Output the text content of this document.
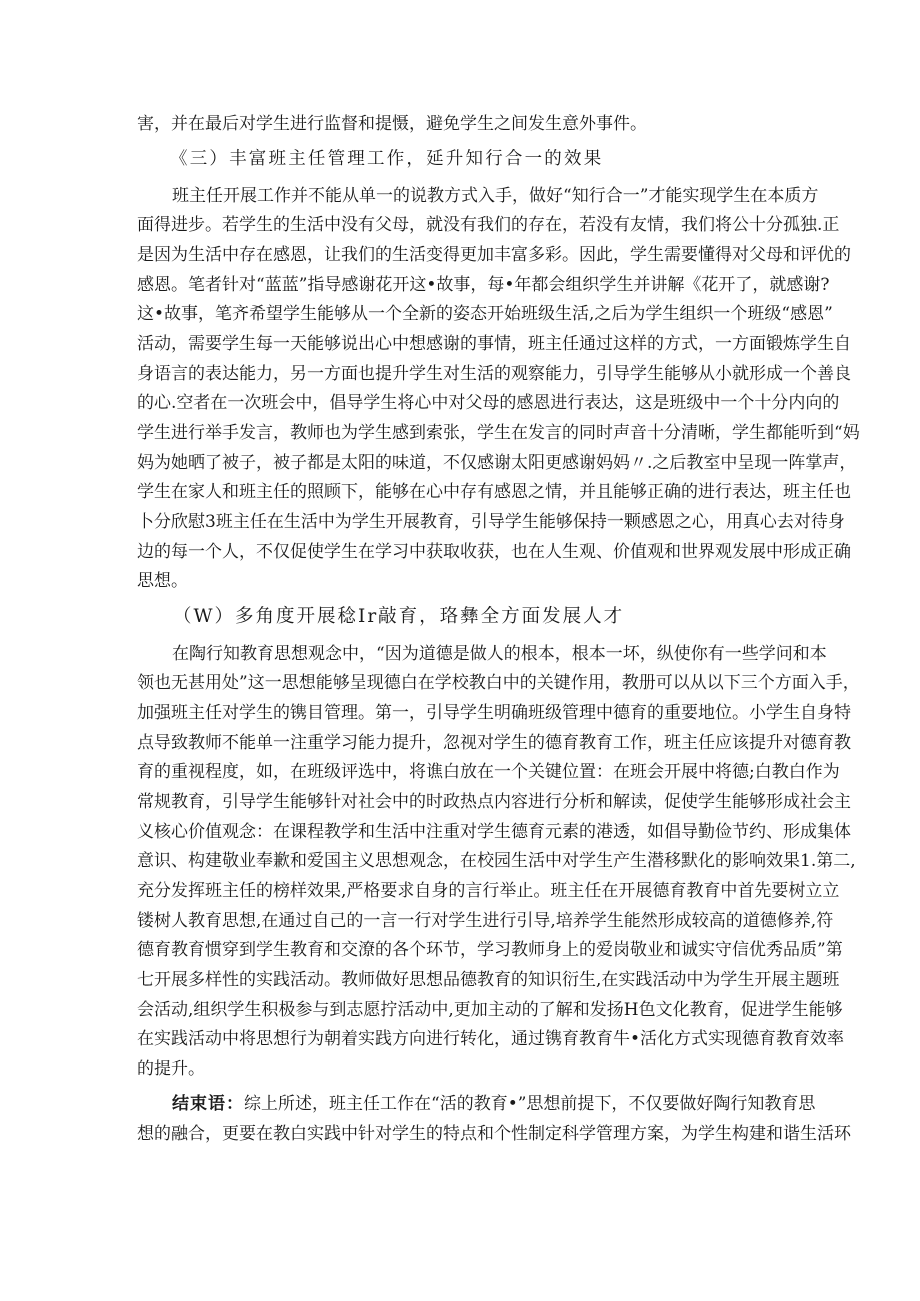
害，并在最后对学生进行监督和提慑，避免学生之间发生意外事件。

《三）丰富班主任管理工作，延升知行合一的效果

班主任开展工作并不能从单一的说教方式入手，做好“知行合一”才能实现学生在本质方

面得进步。若学生的生活中没有父母，就没有我们的存在，若没有友情，我们将公十分孤独.正

是因为生活中存在感恩，让我们的生活变得更加丰富多彩。因此，学生需要懂得对父母和评优的

感恩。笔者针对“蓝蓝”指导感谢花开这•故事，每•年都会组织学生并讲解《花开了，就感谢?

这•故事，笔齐希望学生能够从一个全新的姿态开始班级生活,之后为学生组织一个班级“感恩”

活动，需要学生每一天能够说出心中想感谢的事情，班主任通过这样的方式，一方面锻炼学生自

身语言的表达能力，另一方面也提升学生对生活的观察能力，引导学生能够从小就形成一个善良

的心.空者在一次班会中，倡导学生将心中对父母的感恩进行表达，这是班级中一个十分内向的

学生进行举手发言，教师也为学生感到索张，学生在发言的同时声音十分清晰，学生都能听到“妈

妈为她晒了被子，被子都是太阳的味道，不仅感谢太阳更感谢妈妈〃.之后教室中呈现一阵掌声，

学生在家人和班主任的照顾下，能够在心中存有感恩之情，并且能够正确的进行表达，班主任也

卜分欣慰3班主任在生活中为学生开展教育，引导学生能够保持一颗感恩之心，用真心去对待身

边的每一个人，不仅促使学生在学习中获取收获，也在人生观、价值观和世界观发展中形成正确

思想。

（W）多角度开展稔Ir敲育，珞彝全方面发展人才

在陶行知教育思想观念中，“因为道德是做人的根本，根本一坏，纵使你有一些学问和本

领也无甚用处”这一思想能够呈现德白在学校教白中的关键作用，教册可以从以下三个方面入手，

加强班主任对学生的镌目管理。第一，引导学生明确班级管理中德育的重要地位。小学生自身特

点导致教师不能单一注重学习能力提升，忽视对学生的德育教育工作，班主任应该提升对德育教

育的重视程度，如，在班级评选中，将谯白放在一个关键位置：在班会开展中将德;白教白作为

常规教育，引导学生能够针对社会中的时政热点内容进行分析和解读，促使学生能够形成社会主

义核心价值观念：在课程教学和生活中注重对学生德育元素的港透，如倡导勤俭节约、形成集体

意识、构建敬业奉歉和爱国主义思想观念，在校园生活中对学生产生潜移默化的影响效果1.第二,

充分发挥班主任的榜样效果,严格要求自身的言行举止。班主任在开展德育教育中首先要树立立

镂树人教育思想,在通过自己的一言一行对学生进行引导,培养学生能然形成较高的道德修养,符

德育教育惯穿到学生教育和交潦的各个环节，学习教师身上的爱岗敬业和诚实守信优秀品质”第

七开展多样性的实践活动。教师做好思想品德教育的知识衍生,在实践活动中为学生开展主题班

会活动,组织学生积极参与到志愿拧活动中,更加主动的了解和发扬H色文化教育，促进学生能够

在实践活动中将思想行为朝着实践方向进行转化，通过镌育教育牛•活化方式实现德育教育效率

的提升。

结束语： 综上所述，班主任工作在“活的教育•”思想前提下，不仅要做好陶行知教育思

想的融合，更要在教白实践中针对学生的特点和个性制定科学管理方案，为学生构建和谐生活环
